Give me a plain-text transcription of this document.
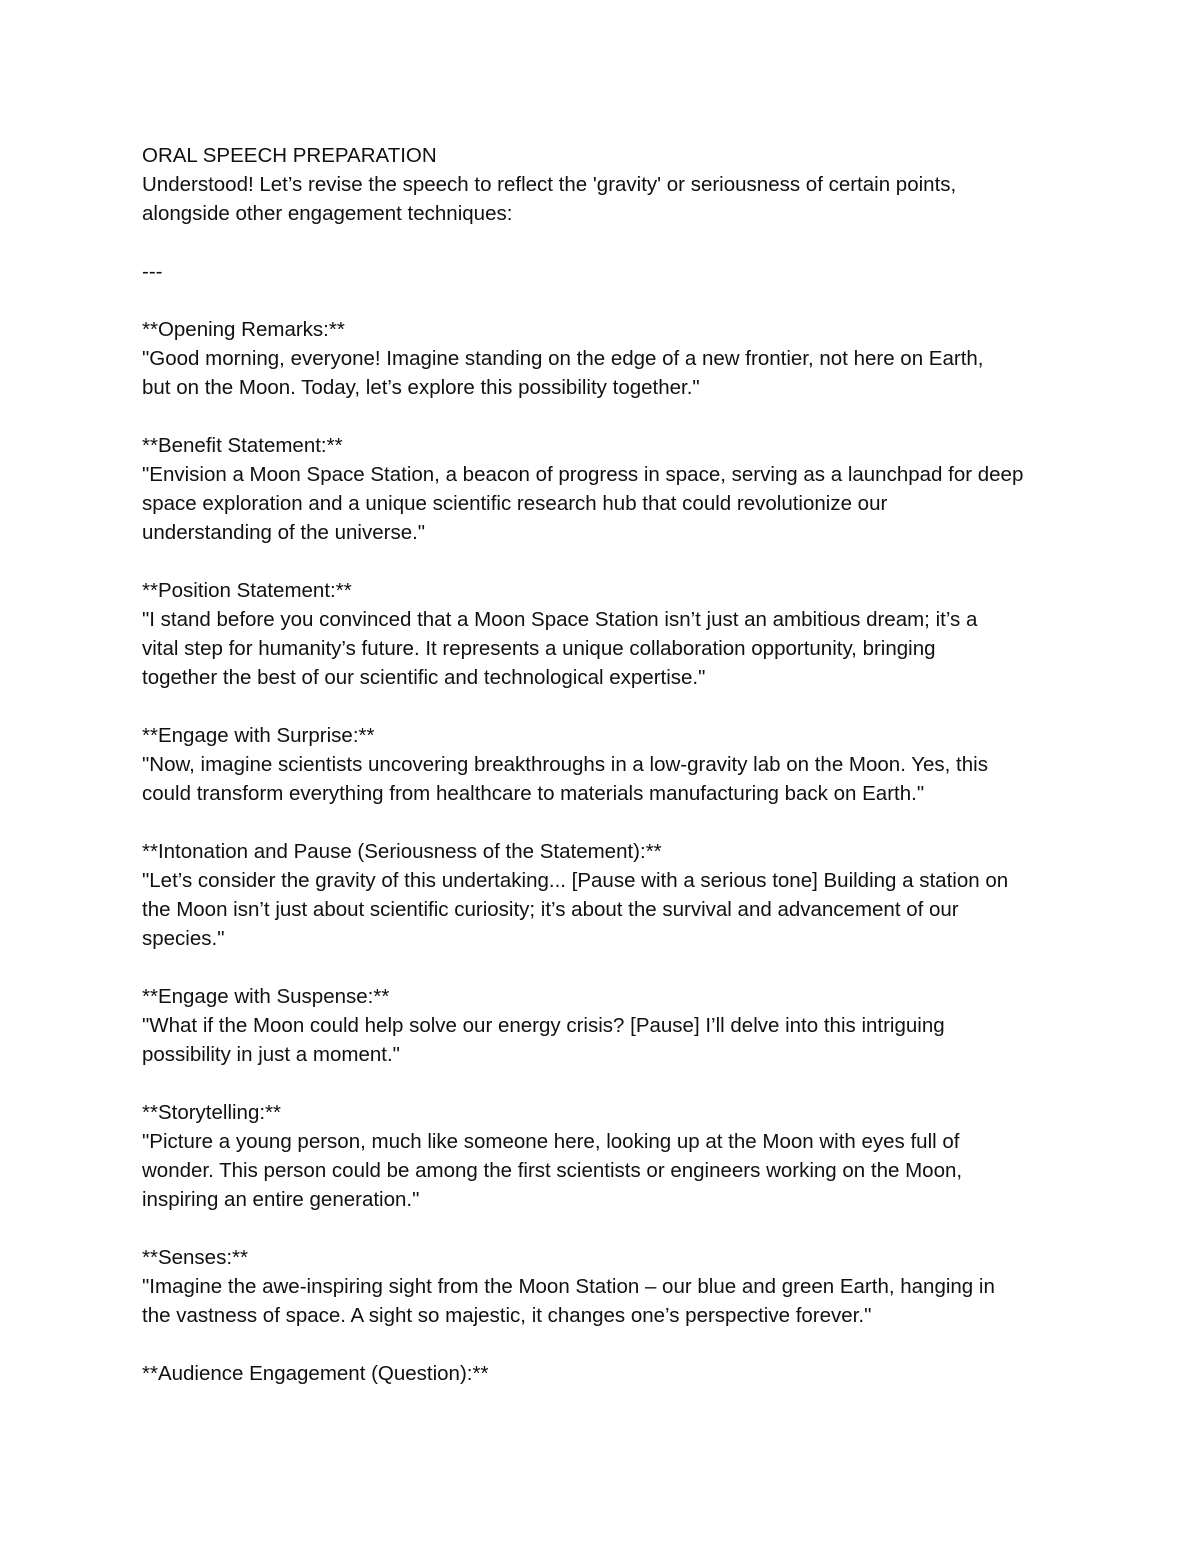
ORAL SPEECH PREPARATION
Understood! Let’s revise the speech to reflect the 'gravity' or seriousness of certain points,
alongside other engagement techniques:
---
**Opening Remarks:**
"Good morning, everyone! Imagine standing on the edge of a new frontier, not here on Earth,
but on the Moon. Today, let’s explore this possibility together."
**Benefit Statement:**
"Envision a Moon Space Station, a beacon of progress in space, serving as a launchpad for deep
space exploration and a unique scientific research hub that could revolutionize our
understanding of the universe."
**Position Statement:**
"I stand before you convinced that a Moon Space Station isn’t just an ambitious dream; it’s a
vital step for humanity’s future. It represents a unique collaboration opportunity, bringing
together the best of our scientific and technological expertise."
**Engage with Surprise:**
"Now, imagine scientists uncovering breakthroughs in a low-gravity lab on the Moon. Yes, this
could transform everything from healthcare to materials manufacturing back on Earth."
**Intonation and Pause (Seriousness of the Statement):**
"Let’s consider the gravity of this undertaking... [Pause with a serious tone] Building a station on
the Moon isn’t just about scientific curiosity; it’s about the survival and advancement of our
species."
**Engage with Suspense:**
"What if the Moon could help solve our energy crisis? [Pause] I’ll delve into this intriguing
possibility in just a moment."
**Storytelling:**
"Picture a young person, much like someone here, looking up at the Moon with eyes full of
wonder. This person could be among the first scientists or engineers working on the Moon,
inspiring an entire generation."
**Senses:**
"Imagine the awe-inspiring sight from the Moon Station – our blue and green Earth, hanging in
the vastness of space. A sight so majestic, it changes one’s perspective forever."
**Audience Engagement (Question):**
